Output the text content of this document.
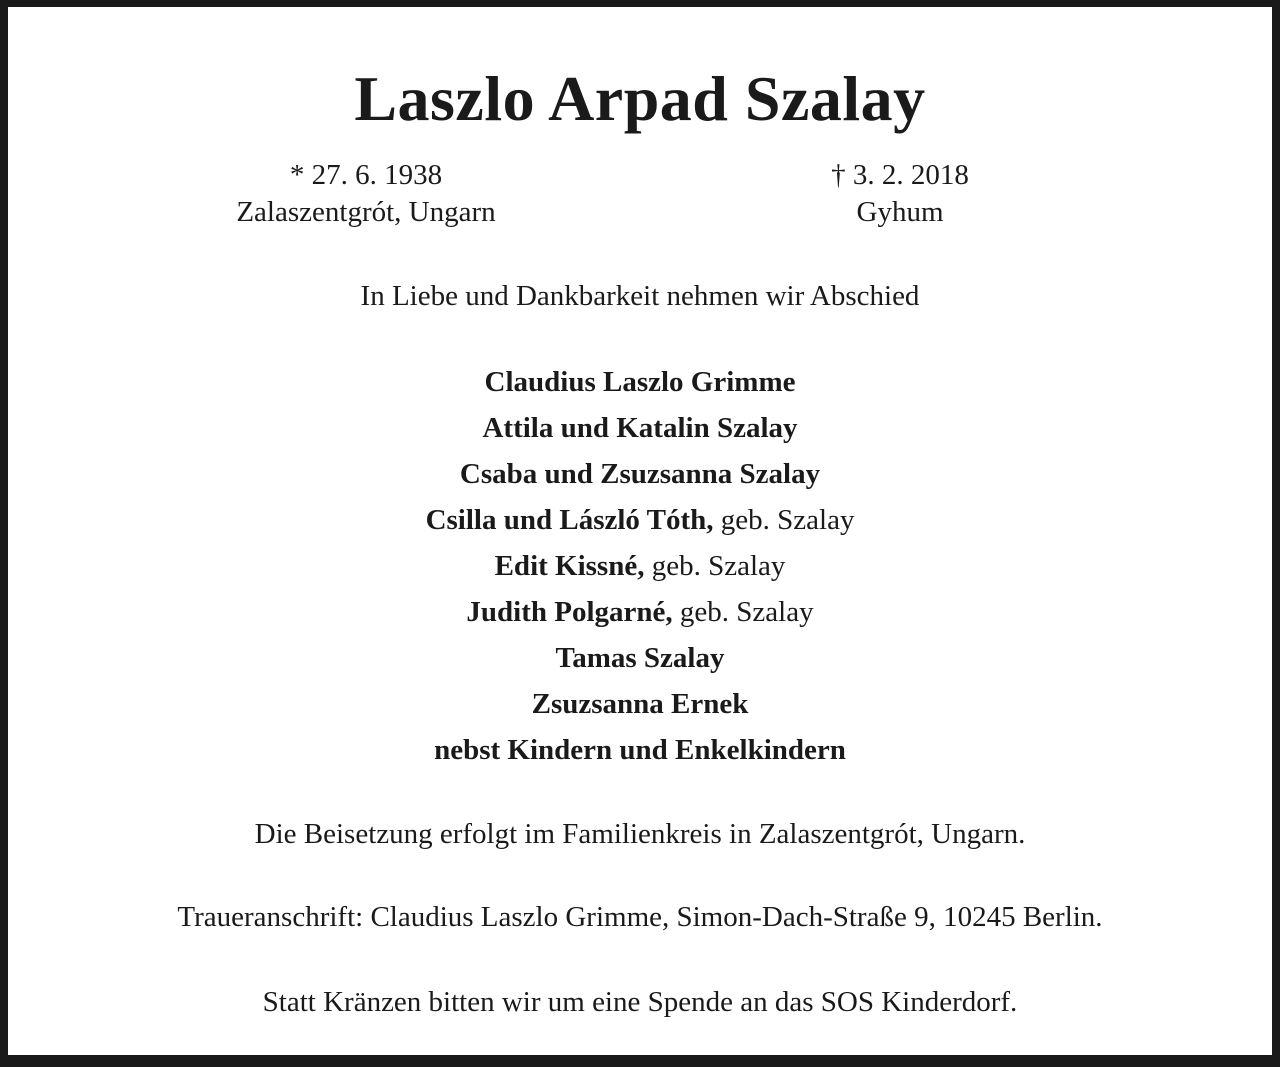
Laszlo Arpad Szalay
* 27. 6. 1938
Zalaszentgrót, Ungarn
† 3. 2. 2018
Gyhum
In Liebe und Dankbarkeit nehmen wir Abschied
Claudius Laszlo Grimme
Attila und Katalin Szalay
Csaba und Zsuzsanna Szalay
Csilla und László Tóth, geb. Szalay
Edit Kissné, geb. Szalay
Judith Polgarné, geb. Szalay
Tamas Szalay
Zsuzsanna Ernek
nebst Kindern und Enkelkindern
Die Beisetzung erfolgt im Familienkreis in Zalaszentgrót, Ungarn.
Traueranschrift: Claudius Laszlo Grimme, Simon-Dach-Straße 9, 10245 Berlin.
Statt Kränzen bitten wir um eine Spende an das SOS Kinderdorf.
